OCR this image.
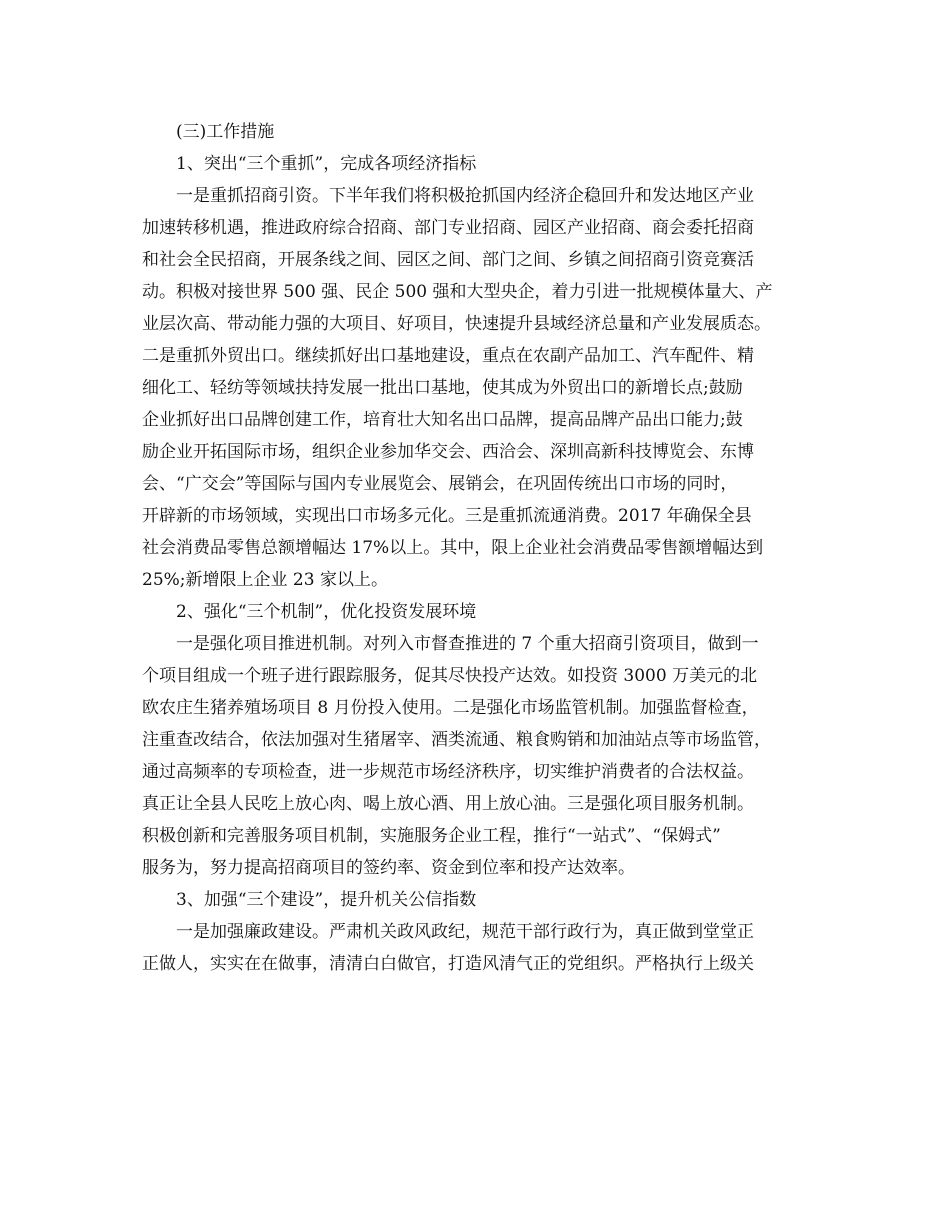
(三)工作措施
1、突出“三个重抓”，完成各项经济指标
一是重抓招商引资。下半年我们将积极抢抓国内经济企稳回升和发达地区产业
加速转移机遇，推进政府综合招商、部门专业招商、园区产业招商、商会委托招商
和社会全民招商，开展条线之间、园区之间、部门之间、乡镇之间招商引资竞赛活
动。积极对接世界 500 强、民企 500 强和大型央企，着力引进一批规模体量大、产
业层次高、带动能力强的大项目、好项目，快速提升县域经济总量和产业发展质态。
二是重抓外贸出口。继续抓好出口基地建设，重点在农副产品加工、汽车配件、精
细化工、轻纺等领域扶持发展一批出口基地，使其成为外贸出口的新增长点;鼓励
企业抓好出口品牌创建工作，培育壮大知名出口品牌，提高品牌产品出口能力;鼓
励企业开拓国际市场，组织企业参加华交会、西洽会、深圳高新科技博览会、东博
会、“广交会”等国际与国内专业展览会、展销会，在巩固传统出口市场的同时，
开辟新的市场领域，实现出口市场多元化。三是重抓流通消费。2017 年确保全县
社会消费品零售总额增幅达 17%以上。其中，限上企业社会消费品零售额增幅达到
25%;新增限上企业 23 家以上。
2、强化“三个机制”，优化投资发展环境
一是强化项目推进机制。对列入市督查推进的 7 个重大招商引资项目，做到一
个项目组成一个班子进行跟踪服务，促其尽快投产达效。如投资 3000 万美元的北
欧农庄生猪养殖场项目 8 月份投入使用。二是强化市场监管机制。加强监督检查，
注重查改结合，依法加强对生猪屠宰、酒类流通、粮食购销和加油站点等市场监管，
通过高频率的专项检查，进一步规范市场经济秩序，切实维护消费者的合法权益。
真正让全县人民吃上放心肉、喝上放心酒、用上放心油。三是强化项目服务机制。
积极创新和完善服务项目机制，实施服务企业工程，推行“一站式”、“保姆式”
服务为，努力提高招商项目的签约率、资金到位率和投产达效率。
3、加强“三个建设”，提升机关公信指数
一是加强廉政建设。严肃机关政风政纪，规范干部行政行为，真正做到堂堂正
正做人，实实在在做事，清清白白做官，打造风清气正的党组织。严格执行上级关
